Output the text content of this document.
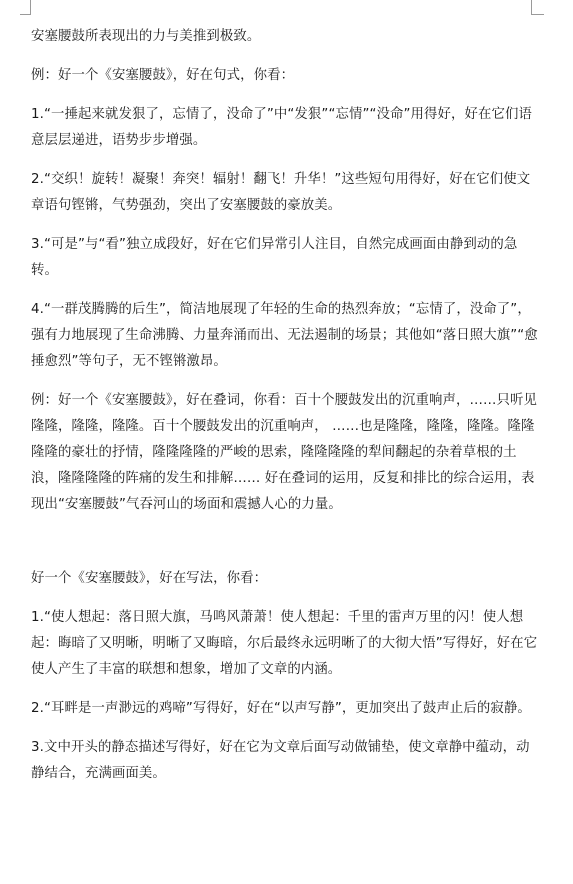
安塞腰鼓所表现出的力与美推到极致。

例：好一个《安塞腰鼓》，好在句式，你看：

1.“一捶起来就发狠了，忘情了，没命了”中“发狠”“忘情”“没命”用得好，好在它们语意层层递进，语势步步增强。

2.“交织！旋转！凝聚！奔突！辐射！翻飞！升华！”这些短句用得好，好在它们使文章语句铿锵，气势强劲，突出了安塞腰鼓的豪放美。

3.“可是”与“看”独立成段好，好在它们异常引人注目，自然完成画面由静到动的急转。

4.“一群茂腾腾的后生”，简洁地展现了年轻的生命的热烈奔放；“忘情了，没命了”，强有力地展现了生命沸腾、力量奔涌而出、无法遏制的场景；其他如“落日照大旗”“愈捶愈烈”等句子，无不铿锵激昂。

例：好一个《安塞腰鼓》，好在叠词，你看：百十个腰鼓发出的沉重响声，……只听见隆隆，隆隆，隆隆。百十个腰鼓发出的沉重响声， ……也是隆隆，隆隆，隆隆。隆隆隆隆的豪壮的抒情，隆隆隆隆的严峻的思索，隆隆隆隆的犁间翻起的杂着草根的土浪，隆隆隆隆的阵痛的发生和排解…… 好在叠词的运用，反复和排比的综合运用，表现出“安塞腰鼓”气吞河山的场面和震撼人心的力量。

好一个《安塞腰鼓》，好在写法，你看：

1.“使人想起：落日照大旗，马鸣风萧萧！使人想起：千里的雷声万里的闪！使人想起：晦暗了又明晰，明晰了又晦暗，尔后最终永远明晰了的大彻大悟”写得好，好在它使人产生了丰富的联想和想象，增加了文章的内涵。

2.“耳畔是一声渺远的鸡啼”写得好，好在“以声写静”，更加突出了鼓声止后的寂静。

3.文中开头的静态描述写得好，好在它为文章后面写动做铺垫，使文章静中蕴动，动静结合，充满画面美。
